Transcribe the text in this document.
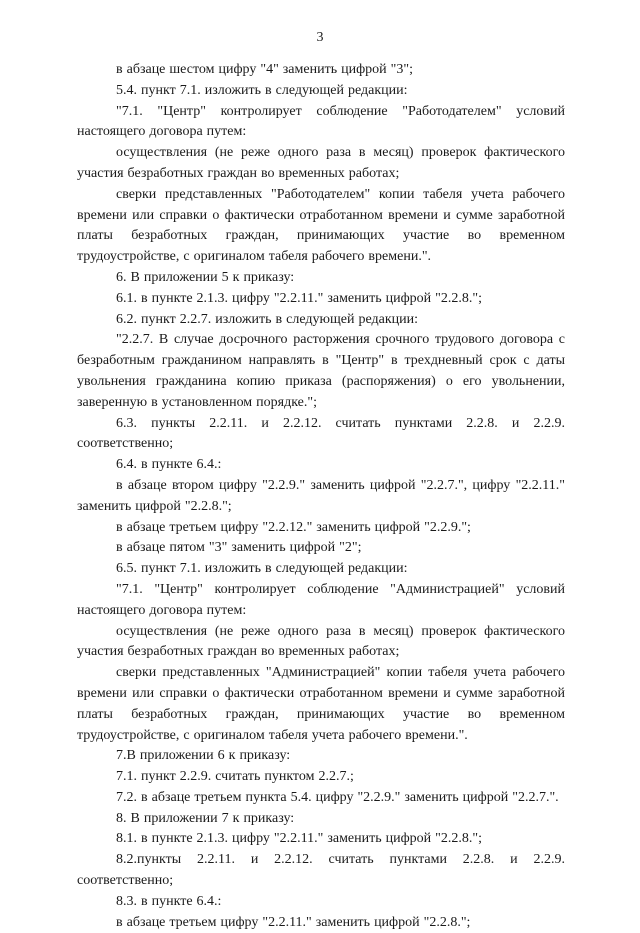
3

в абзаце шестом цифру "4" заменить цифрой "3";

5.4. пункт 7.1. изложить в следующей редакции:

"7.1. "Центр" контролирует соблюдение "Работодателем" условий настоящего договора путем:

осуществления (не реже одного раза в месяц) проверок фактического участия безработных граждан во временных работах;

сверки представленных "Работодателем" копии табеля учета рабочего времени или справки о фактически отработанном времени и сумме заработной платы безработных граждан, принимающих участие во временном трудоустройстве, с оригиналом табеля рабочего времени.".

6. В приложении 5 к приказу:

6.1. в пункте 2.1.3. цифру "2.2.11." заменить цифрой "2.2.8.";

6.2. пункт 2.2.7. изложить в следующей редакции:

"2.2.7. В случае досрочного расторжения срочного трудового договора с безработным гражданином направлять в "Центр" в трехдневный срок с даты увольнения гражданина копию приказа (распоряжения) о его увольнении, заверенную в установленном порядке.";

6.3. пункты 2.2.11. и 2.2.12. считать пунктами 2.2.8. и 2.2.9. соответственно;

6.4. в пункте 6.4.:

в абзаце втором цифру "2.2.9." заменить цифрой "2.2.7.", цифру "2.2.11." заменить цифрой "2.2.8.";

в абзаце третьем цифру "2.2.12." заменить цифрой "2.2.9.";

в абзаце пятом "3" заменить цифрой "2";

6.5. пункт 7.1. изложить в следующей редакции:

"7.1. "Центр" контролирует соблюдение "Администрацией" условий настоящего договора путем:

осуществления (не реже одного раза в месяц) проверок фактического участия безработных граждан во временных работах;

сверки представленных "Администрацией" копии табеля учета рабочего времени или справки о фактически отработанном времени и сумме заработной платы безработных граждан, принимающих участие во временном трудоустройстве, с оригиналом табеля учета рабочего времени.".

7.В приложении 6 к приказу:

7.1. пункт 2.2.9. считать пунктом 2.2.7.;

7.2. в абзаце третьем пункта 5.4. цифру "2.2.9." заменить цифрой "2.2.7.".

8. В приложении 7 к приказу:

8.1. в пункте 2.1.3. цифру "2.2.11." заменить цифрой "2.2.8.";

8.2.пункты 2.2.11. и 2.2.12. считать пунктами 2.2.8. и 2.2.9. соответственно;

8.3. в пункте 6.4.:

в абзаце третьем цифру "2.2.11." заменить цифрой "2.2.8.";
